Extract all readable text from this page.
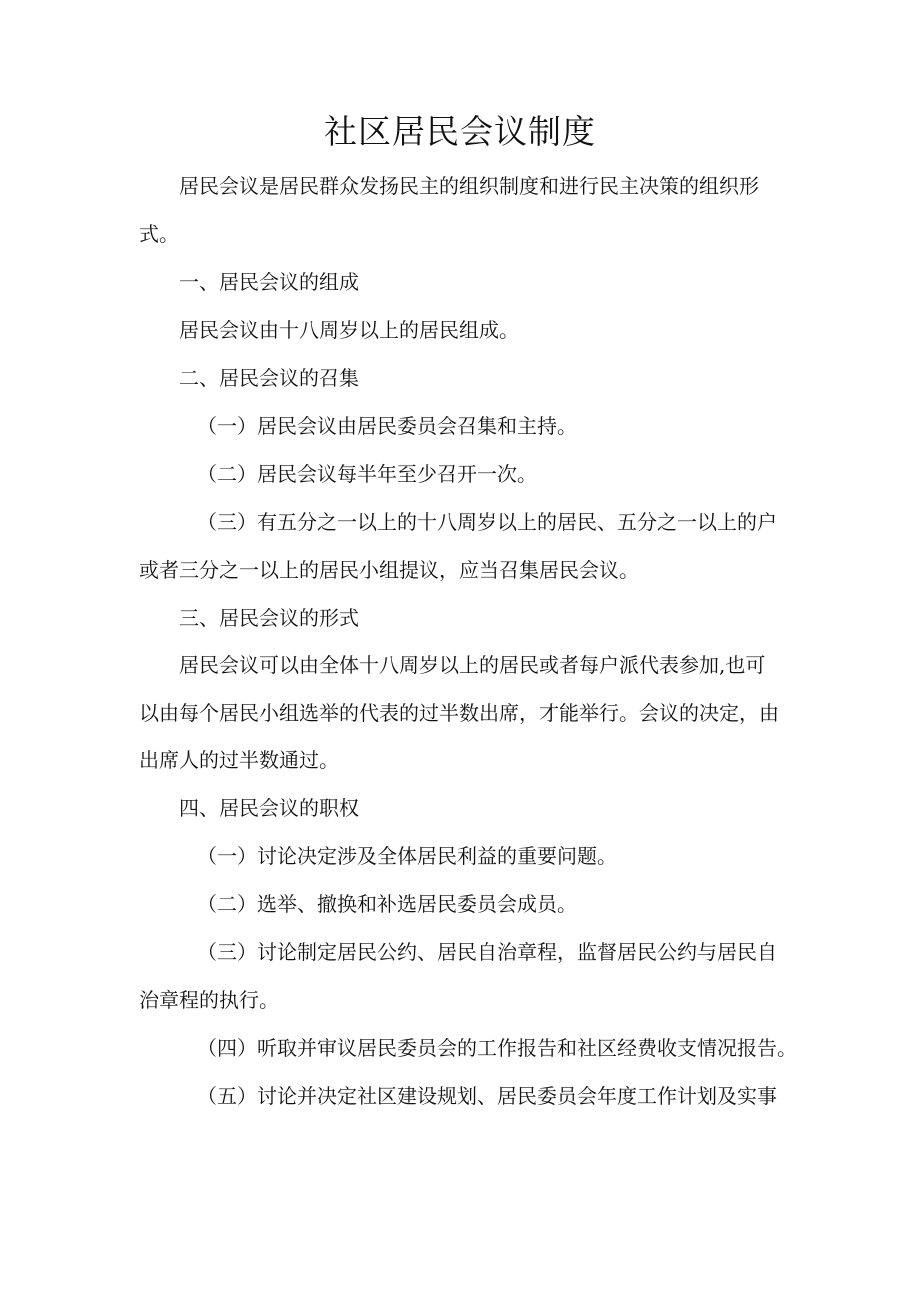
社区居民会议制度

居民会议是居民群众发扬民主的组织制度和进行民主决策的组织形

式。

一、居民会议的组成

居民会议由十八周岁以上的居民组成。

二、居民会议的召集

（一）居民会议由居民委员会召集和主持。

（二）居民会议每半年至少召开一次。

（三）有五分之一以上的十八周岁以上的居民、五分之一以上的户

或者三分之一以上的居民小组提议，应当召集居民会议。

三、居民会议的形式

居民会议可以由全体十八周岁以上的居民或者每户派代表参加,也可

以由每个居民小组选举的代表的过半数出席，才能举行。会议的决定，由

出席人的过半数通过。

四、居民会议的职权

（一）讨论决定涉及全体居民利益的重要问题。

（二）选举、撤换和补选居民委员会成员。

（三）讨论制定居民公约、居民自治章程，监督居民公约与居民自

治章程的执行。

（四）听取并审议居民委员会的工作报告和社区经费收支情况报告。

（五）讨论并决定社区建设规划、居民委员会年度工作计划及实事
